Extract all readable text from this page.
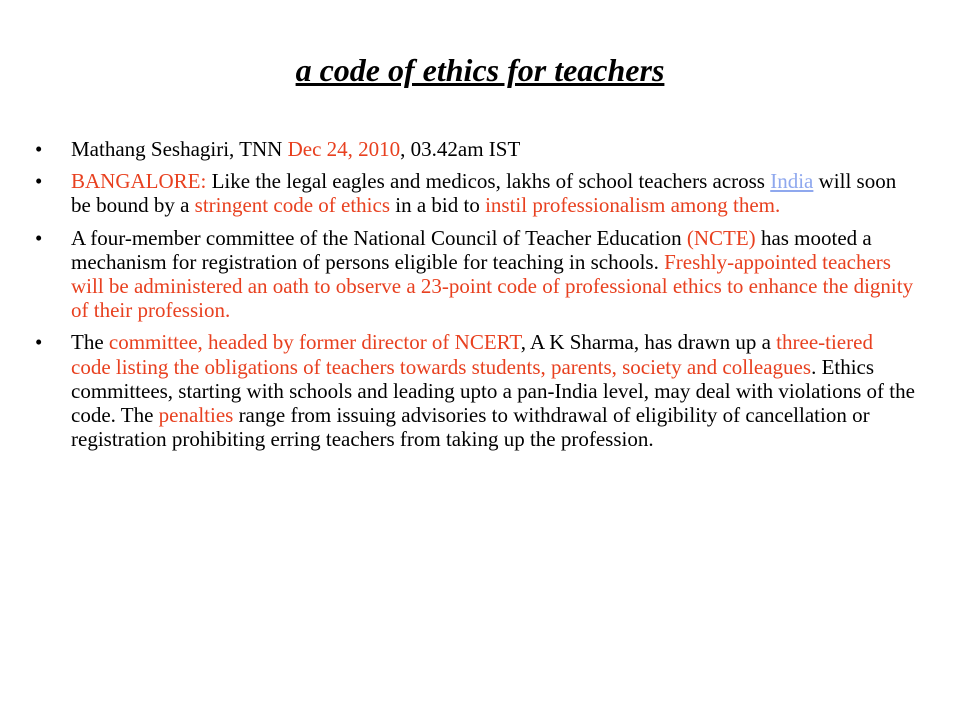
a code of ethics for teachers
•	Mathang Seshagiri, TNN Dec 24, 2010, 03.42am IST
•	BANGALORE: Like the legal eagles and medicos, lakhs of school teachers across India will soon be bound by a stringent code of ethics in a bid to instil professionalism among them.
•	A four-member committee of the National Council of Teacher Education (NCTE) has mooted a mechanism for registration of persons eligible for teaching in schools. Freshly-appointed teachers will be administered an oath to observe a 23-point code of professional ethics to enhance the dignity of their profession.
•	The committee, headed by former director of NCERT, A K Sharma, has drawn up a three-tiered code listing the obligations of teachers towards students, parents, society and colleagues. Ethics committees, starting with schools and leading upto a pan-India level, may deal with violations of the code. The penalties range from issuing advisories to withdrawal of eligibility of cancellation or registration prohibiting erring teachers from taking up the profession.
